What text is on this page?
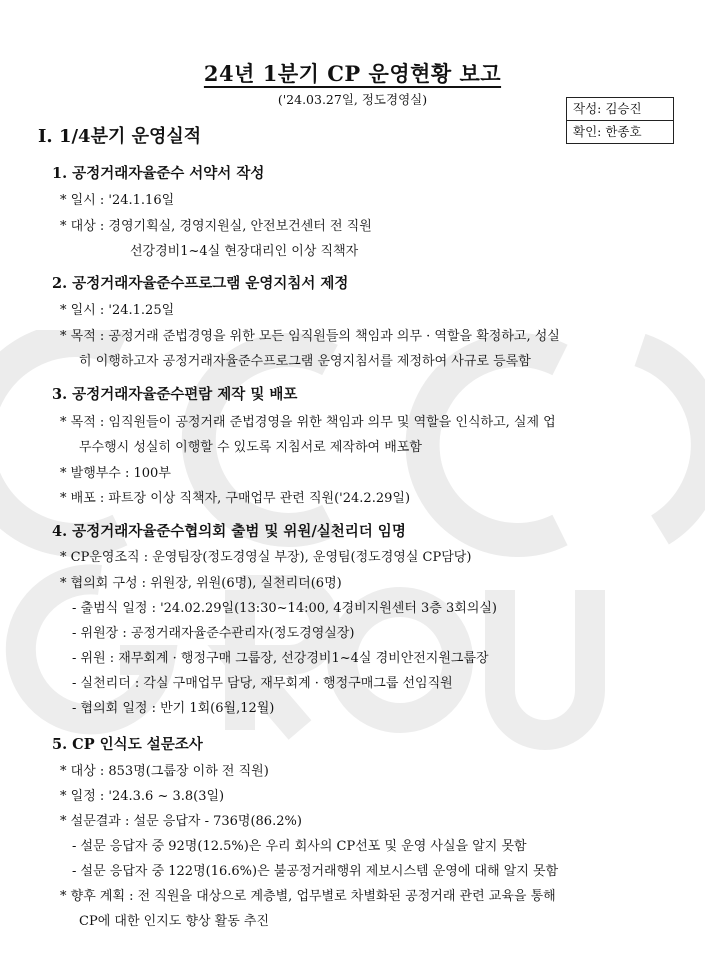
24년 1분기 CP 운영현황 보고
('24.03.27일, 정도경영실)
작성: 김승진
확인: 한종호
Ⅰ. 1/4분기 운영실적
1. 공정거래자율준수 서약서 작성
* 일시 : '24.1.16일
* 대상 : 경영기획실, 경영지원실, 안전보건센터 전 직원
선강경비1~4실 현장대리인 이상 직책자
2. 공정거래자율준수프로그램 운영지침서 제정
* 일시 : '24.1.25일
* 목적 : 공정거래 준법경영을 위한 모든 임직원들의 책임과 의무 · 역할을 확정하고, 성실
히 이행하고자 공정거래자율준수프로그램 운영지침서를 제정하여 사규로 등록함
3. 공정거래자율준수편람 제작 및 배포
* 목적 : 임직원들이 공정거래 준법경영을 위한 책임과 의무 및 역할을 인식하고, 실제 업
무수행시 성실히 이행할 수 있도록 지침서로 제작하여 배포함
* 발행부수 : 100부
* 배포 : 파트장 이상 직책자, 구매업무 관련 직원('24.2.29일)
4. 공정거래자율준수협의회 출범 및 위원/실천리더 임명
* CP운영조직 : 운영팀장(정도경영실 부장), 운영팀(정도경영실 CP담당)
* 협의회 구성 : 위원장, 위원(6명), 실천리더(6명)
- 출범식 일정 : '24.02.29일(13:30~14:00, 4경비지원센터 3층 3회의실)
- 위원장 : 공정거래자율준수관리자(정도경영실장)
- 위원 : 재무회계 · 행정구매 그룹장, 선강경비1~4실 경비안전지원그룹장
- 실천리더 : 각실 구매업무 담당, 재무회계 · 행정구매그룹 선임직원
- 협의회 일정 : 반기 1회(6월,12월)
5. CP 인식도 설문조사
* 대상 : 853명(그룹장 이하 전 직원)
* 일정 : '24.3.6 ~ 3.8(3일)
* 설문결과 : 설문 응답자 - 736명(86.2%)
- 설문 응답자 중 92명(12.5%)은 우리 회사의 CP선포 및 운영 사실을 알지 못함
- 설문 응답자 중 122명(16.6%)은 불공정거래행위 제보시스템 운영에 대해 알지 못함
* 향후 계획 : 전 직원을 대상으로 계층별, 업무별로 차별화된 공정거래 관련 교육을 통해
CP에 대한 인지도 향상 활동 추진
